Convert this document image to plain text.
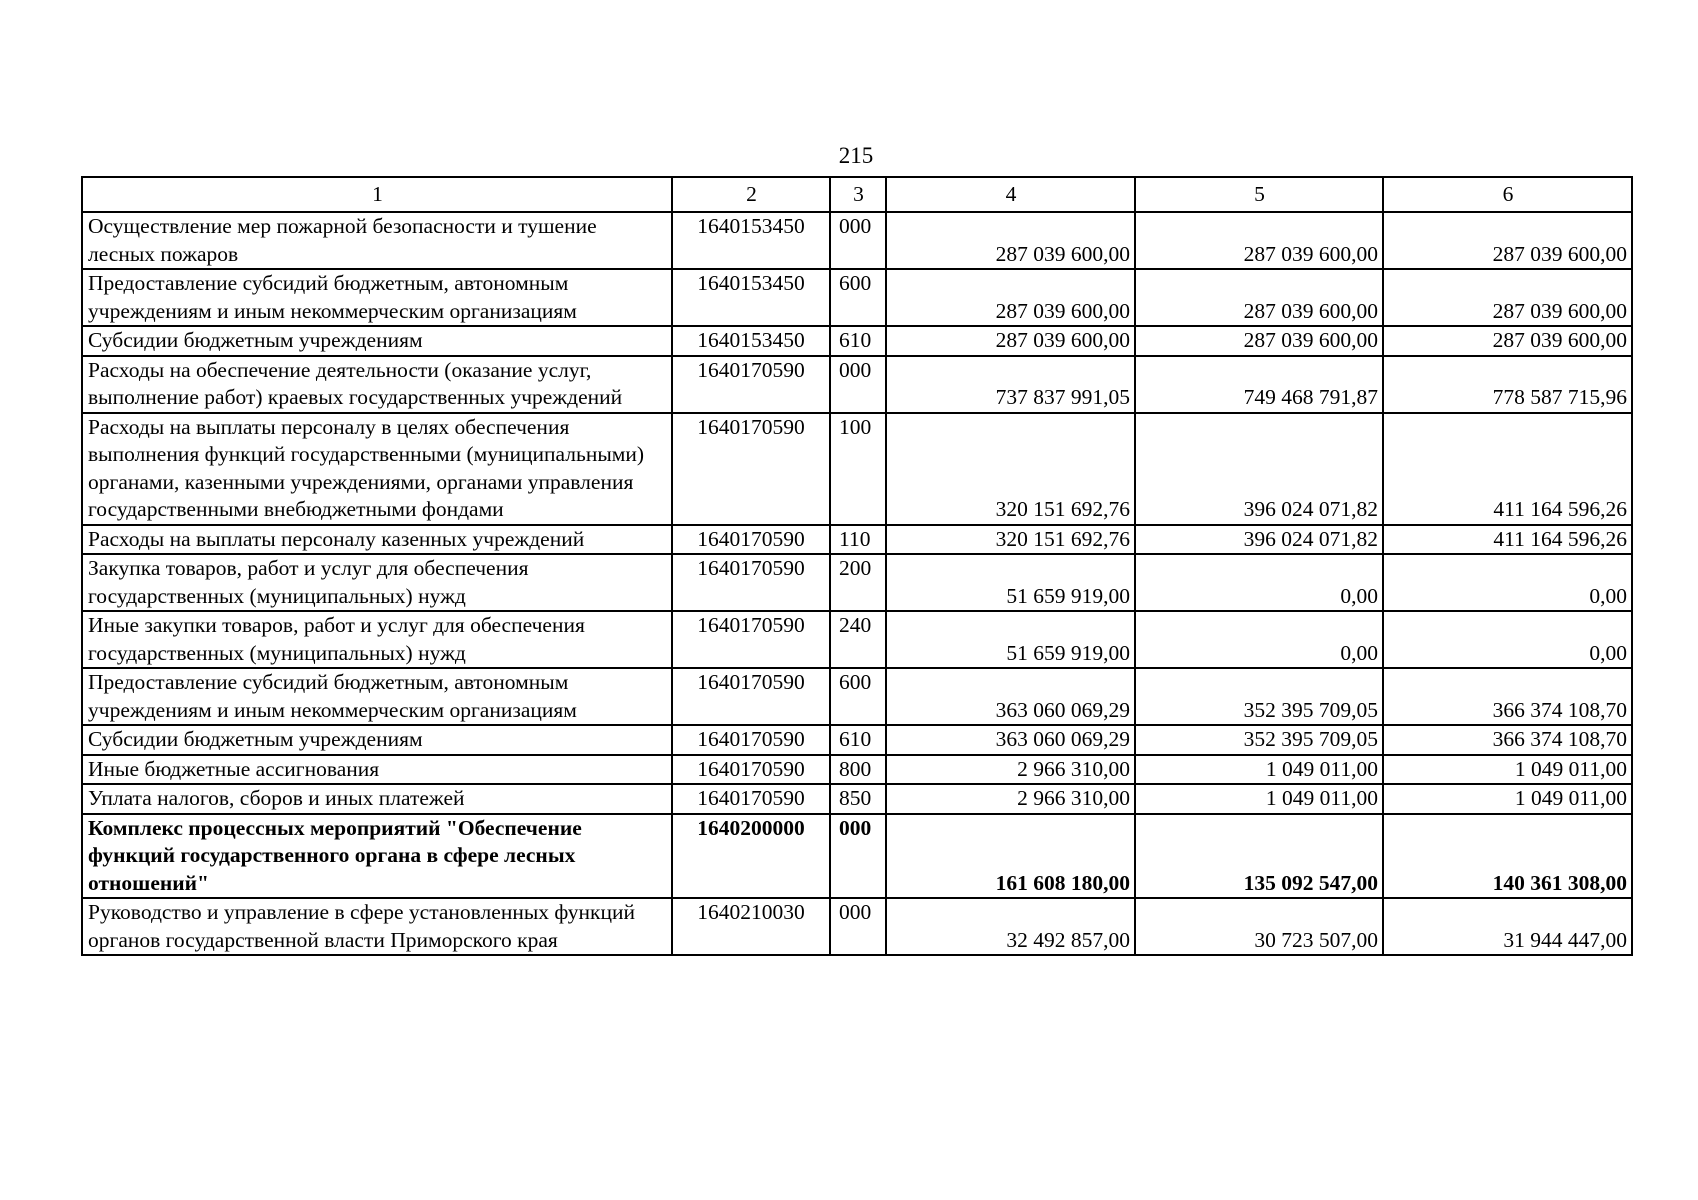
215
1	2	3	4	5	6
Осуществление мер пожарной безопасности и тушение лесных пожаров	1640153450	000	287 039 600,00	287 039 600,00	287 039 600,00
Предоставление субсидий бюджетным, автономным учреждениям и иным некоммерческим организациям	1640153450	600	287 039 600,00	287 039 600,00	287 039 600,00
Субсидии бюджетным учреждениям	1640153450	610	287 039 600,00	287 039 600,00	287 039 600,00
Расходы на обеспечение деятельности (оказание услуг, выполнение работ) краевых государственных учреждений	1640170590	000	737 837 991,05	749 468 791,87	778 587 715,96
Расходы на выплаты персоналу в целях обеспечения выполнения функций государственными (муниципальными) органами, казенными учреждениями, органами управления государственными внебюджетными фондами	1640170590	100	320 151 692,76	396 024 071,82	411 164 596,26
Расходы на выплаты персоналу казенных учреждений	1640170590	110	320 151 692,76	396 024 071,82	411 164 596,26
Закупка товаров, работ и услуг для обеспечения государственных (муниципальных) нужд	1640170590	200	51 659 919,00	0,00	0,00
Иные закупки товаров, работ и услуг для обеспечения государственных (муниципальных) нужд	1640170590	240	51 659 919,00	0,00	0,00
Предоставление субсидий бюджетным, автономным учреждениям и иным некоммерческим организациям	1640170590	600	363 060 069,29	352 395 709,05	366 374 108,70
Субсидии бюджетным учреждениям	1640170590	610	363 060 069,29	352 395 709,05	366 374 108,70
Иные бюджетные ассигнования	1640170590	800	2 966 310,00	1 049 011,00	1 049 011,00
Уплата налогов, сборов и иных платежей	1640170590	850	2 966 310,00	1 049 011,00	1 049 011,00
Комплекс процессных мероприятий "Обеспечение функций государственного органа в сфере лесных отношений"	1640200000	000	161 608 180,00	135 092 547,00	140 361 308,00
Руководство и управление в сфере установленных функций органов государственной власти Приморского края	1640210030	000	32 492 857,00	30 723 507,00	31 944 447,00
